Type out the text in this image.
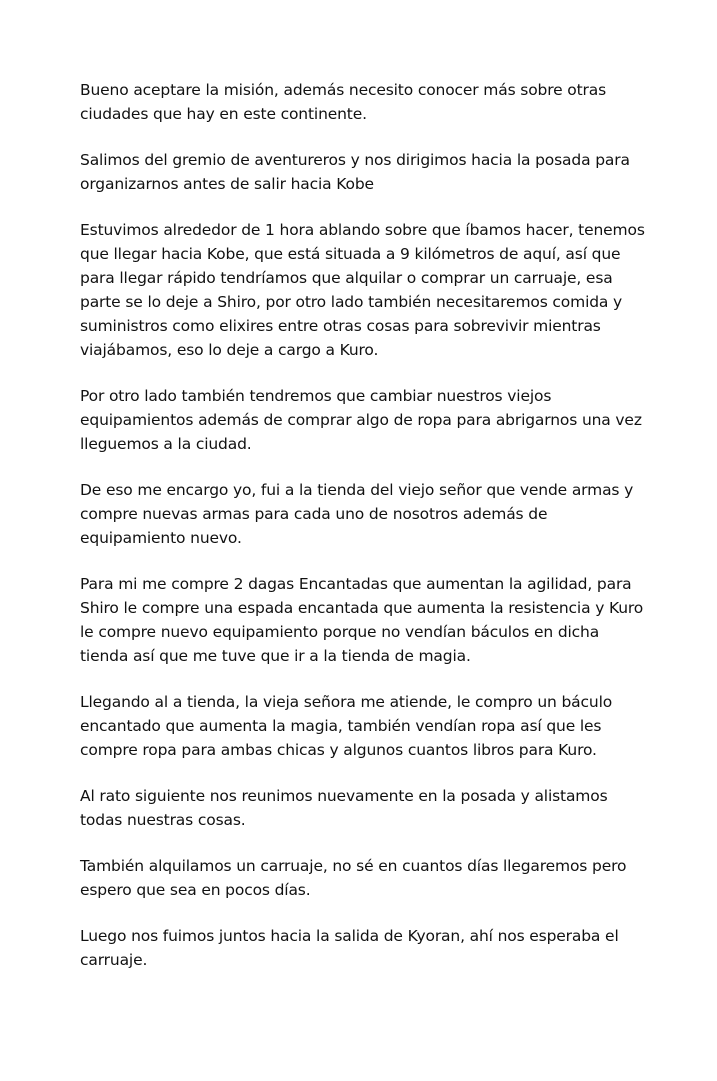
Bueno aceptare la misión, además necesito conocer más sobre otras ciudades que hay en este continente.

Salimos del gremio de aventureros y nos dirigimos hacia la posada para organizarnos antes de salir hacia Kobe

Estuvimos alrededor de 1 hora ablando sobre que íbamos hacer, tenemos que llegar hacia Kobe, que está situada a 9 kilómetros de aquí, así que para llegar rápido tendríamos que alquilar o comprar un carruaje, esa parte se lo deje a Shiro, por otro lado también necesitaremos comida y suministros como elixires entre otras cosas para sobrevivir mientras viajábamos, eso lo deje a cargo a Kuro.

Por otro lado también tendremos que cambiar nuestros viejos equipamientos además de comprar algo de ropa para abrigarnos una vez lleguemos a la ciudad.

De eso me encargo yo, fui a la tienda del viejo señor que vende armas y compre nuevas armas para cada uno de nosotros además de equipamiento nuevo.

Para mi me compre 2 dagas Encantadas que aumentan la agilidad, para Shiro le compre una espada encantada que aumenta la resistencia y Kuro le compre nuevo equipamiento porque no vendían báculos en dicha tienda así que me tuve que ir a la tienda de magia.

Llegando al a tienda, la vieja señora me atiende, le compro un báculo encantado que aumenta la magia, también vendían ropa así que les compre ropa para ambas chicas y algunos cuantos libros para Kuro.

Al rato siguiente nos reunimos nuevamente en la posada y alistamos todas nuestras cosas.

También alquilamos un carruaje, no sé en cuantos días llegaremos pero espero que sea en pocos días.

Luego nos fuimos juntos hacia la salida de Kyoran, ahí nos esperaba el carruaje.
